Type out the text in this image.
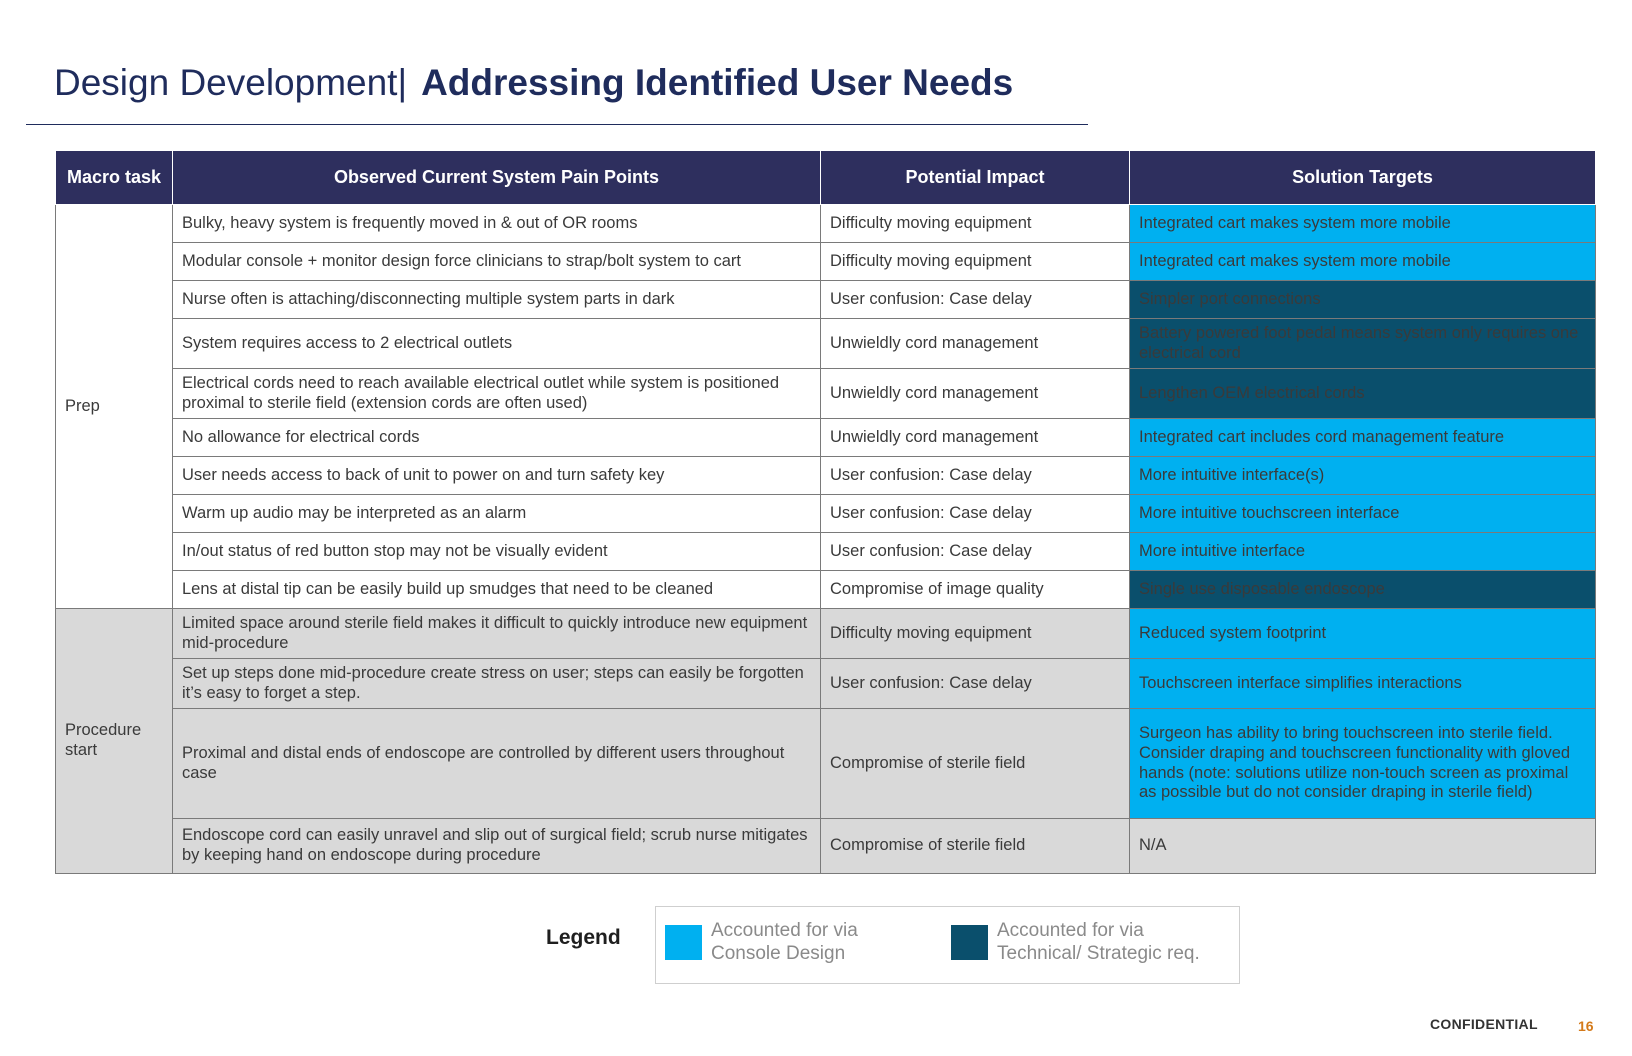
Design Development| Addressing Identified User Needs
Macro task	Observed Current System Pain Points	Potential Impact	Solution Targets
Prep	Bulky, heavy system is frequently moved in & out of OR rooms	Difficulty moving equipment	Integrated cart makes system more mobile
	Modular console + monitor design force clinicians to strap/bolt system to cart	Difficulty moving equipment	Integrated cart makes system more mobile
	Nurse often is attaching/disconnecting multiple system parts in dark	User confusion: Case delay	Simpler port connections
	System requires access to 2 electrical outlets	Unwieldly cord management	Battery powered foot pedal means system only requires one electrical cord
	Electrical cords need to reach available electrical outlet while system is positioned proximal to sterile field (extension cords are often used)	Unwieldly cord management	Lengthen OEM electrical cords
	No allowance for electrical cords	Unwieldly cord management	Integrated cart includes cord management feature
	User needs access to back of unit to power on and turn safety key	User confusion: Case delay	More intuitive interface(s)
	Warm up audio may be interpreted as an alarm	User confusion: Case delay	More intuitive touchscreen interface
	In/out status of red button stop may not be visually evident	User confusion: Case delay	More intuitive interface
	Lens at distal tip can be easily build up smudges that need to be cleaned	Compromise of image quality	Single use disposable endoscope
Procedure start	Limited space around sterile field makes it difficult to quickly introduce new equipment mid-procedure	Difficulty moving equipment	Reduced system footprint
	Set up steps done mid-procedure create stress on user; steps can easily be forgotten it’s easy to forget a step.	User confusion: Case delay	Touchscreen interface simplifies interactions
	Proximal and distal ends of endoscope are controlled by different users throughout case	Compromise of sterile field	Surgeon has ability to bring touchscreen into sterile field. Consider draping and touchscreen functionality with gloved hands (note: solutions utilize non-touch screen as proximal as possible but do not consider draping in sterile field)
	Endoscope cord can easily unravel and slip out of surgical field; scrub nurse mitigates by keeping hand on endoscope during procedure	Compromise of sterile field	N/A
Legend	Accounted for via
Console Design
Accounted for via
Technical/ Strategic req.
CONFIDENTIAL	16
